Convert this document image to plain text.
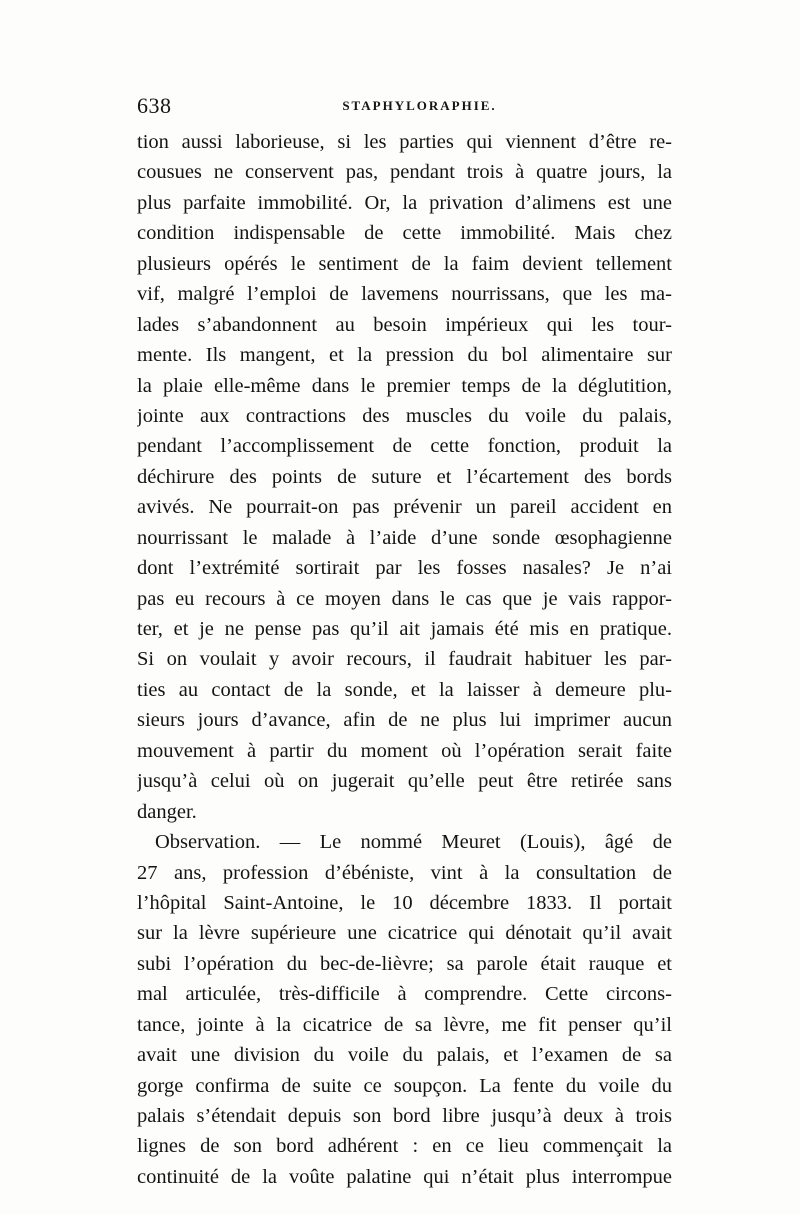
638	STAPHYLORAPHIE.
tion aussi laborieuse, si les parties qui viennent d’être re-
cousues ne conservent pas, pendant trois à quatre jours, la
plus parfaite immobilité. Or, la privation d’alimens est une
condition indispensable de cette immobilité. Mais chez
plusieurs opérés le sentiment de la faim devient tellement
vif, malgré l’emploi de lavemens nourrissans, que les ma-
lades s’abandonnent au besoin impérieux qui les tour-
mente. Ils mangent, et la pression du bol alimentaire sur
la plaie elle-même dans le premier temps de la déglutition,
jointe aux contractions des muscles du voile du palais,
pendant l’accomplissement de cette fonction, produit la
déchirure des points de suture et l’écartement des bords
avivés. Ne pourrait-on pas prévenir un pareil accident en
nourrissant le malade à l’aide d’une sonde œsophagienne
dont l’extrémité sortirait par les fosses nasales? Je n’ai
pas eu recours à ce moyen dans le cas que je vais rappor-
ter, et je ne pense pas qu’il ait jamais été mis en pratique.
Si on voulait y avoir recours, il faudrait habituer les par-
ties au contact de la sonde, et la laisser à demeure plu-
sieurs jours d’avance, afin de ne plus lui imprimer aucun
mouvement à partir du moment où l’opération serait faite
jusqu’à celui où on jugerait qu’elle peut être retirée sans
danger.
Observation. — Le nommé Meuret (Louis), âgé de
27 ans, profession d’ébéniste, vint à la consultation de
l’hôpital Saint-Antoine, le 10 décembre 1833. Il portait
sur la lèvre supérieure une cicatrice qui dénotait qu’il avait
subi l’opération du bec-de-lièvre; sa parole était rauque et
mal articulée, très-difficile à comprendre. Cette circons-
tance, jointe à la cicatrice de sa lèvre, me fit penser qu’il
avait une division du voile du palais, et l’examen de sa
gorge confirma de suite ce soupçon. La fente du voile du
palais s’étendait depuis son bord libre jusqu’à deux à trois
lignes de son bord adhérent : en ce lieu commençait la
continuité de la voûte palatine qui n’était plus interrompue
